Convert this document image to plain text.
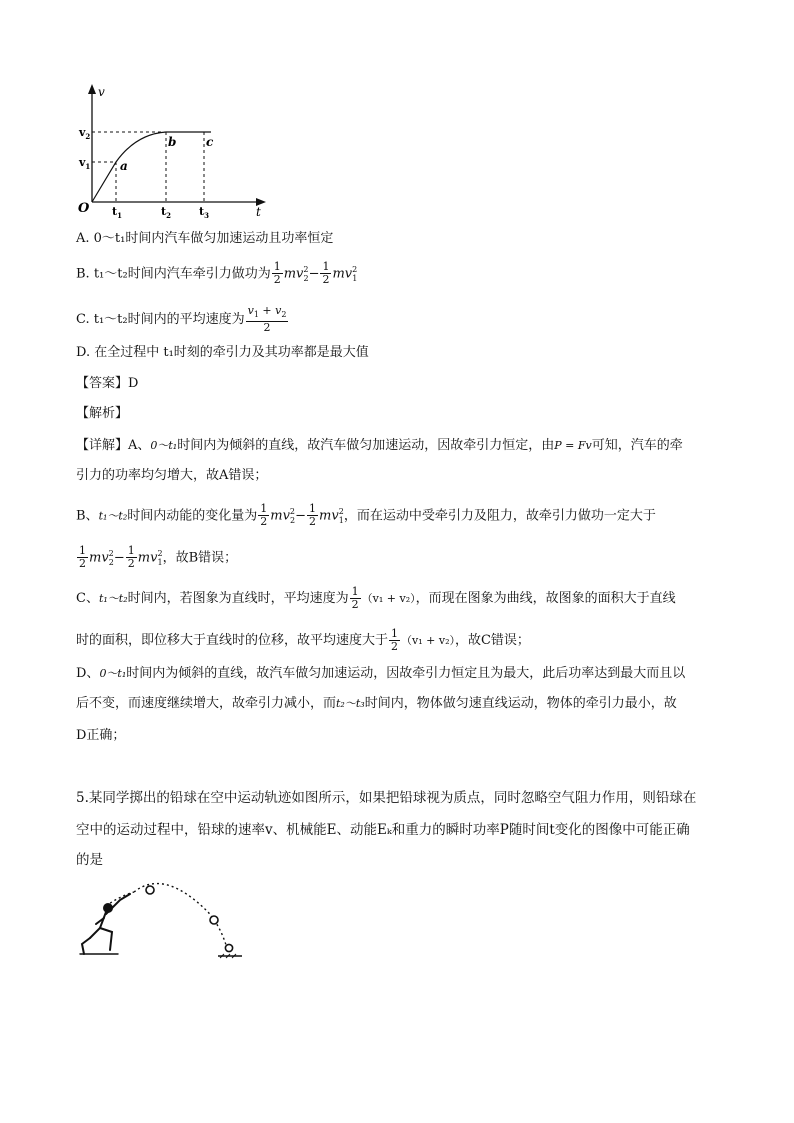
v
t
O
$v_2$
$v_1$
$t_1$	$t_2$	$t_3$
a
b c
A. 0～t₁时间内汽车做匀加速运动且功率恒定
B. t₁～t₂时间内汽车牵引力做功为 $\frac{1}{2} mv^2_2- \frac{1}{2} mv^2_1$
C. t₁～t₂时间内的平均速度为 $\frac{v_1 + v_2}{2}$
D. 在全过程中 t₁时刻的牵引力及其功率都是最大值
【答案】D
【解析】
【详解】A、0～t₁时间内为倾斜的直线，故汽车做匀加速运动，因故牵引力恒定，由P = Fv可知，汽车的牵
引力的功率均匀增大，故A错误；
B、t₁～t₂时间内动能的变化量为 $\frac{1}{2} mv^2_2- \frac{1}{2} mv^2_1$，而在运动中受牵引力及阻力，故牵引力做功一定大于
$\frac{1}{2} mv^2_2- \frac{1}{2} mv^2_1$，故B错误；
C、t₁～t₂时间内，若图象为直线时，平均速度为 $\frac{1}{2} (v_1 + v_2)$，而现在图象为曲线，故图象的面积大于直线
时的面积，即位移大于直线时的位移，故平均速度大于 $\frac{1}{2} (v_1 + v_2)$，故C错误；
D、0～t₁时间内为倾斜的直线，故汽车做匀加速运动，因故牵引力恒定且为最大，此后功率达到最大而且以
后不变，而速度继续增大，故牵引力减小，而t₂～t₃时间内，物体做匀速直线运动，物体的牵引力最小，故
D正确；
5.某同学掷出的铅球在空中运动轨迹如图所示，如果把铅球视为质点，同时忽略空气阻力作用，则铅球在
空中的运动过程中，铅球的速率v、机械能E、动能Eₖ和重力的瞬时功率P随时间t变化的图像中可能正确
的是
